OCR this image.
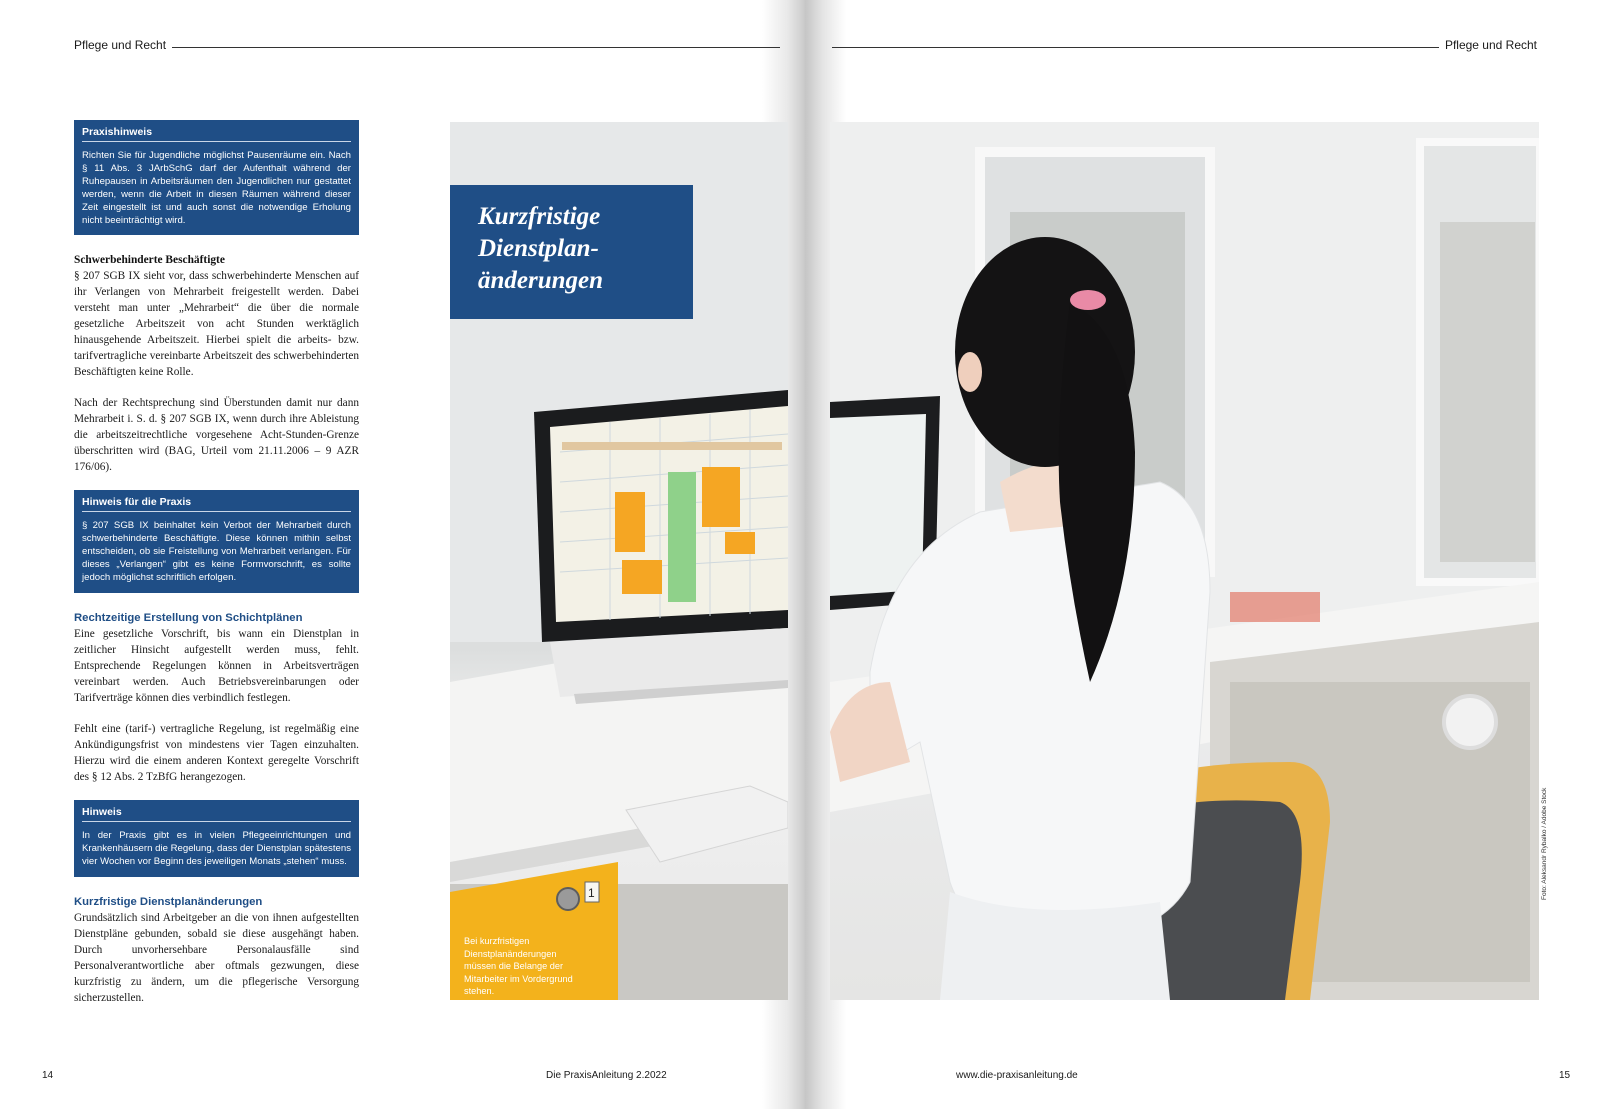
Pflege und Recht	Pflege und Recht
Praxishinweis
Richten Sie für Jugendliche möglichst Pausenräume ein. Nach § 11 Abs. 3 JArbSchG darf der Aufenthalt während der Ruhepausen in Arbeitsräumen den Jugendlichen nur gestattet werden, wenn die Arbeit in diesen Räumen während dieser Zeit eingestellt ist und auch sonst die notwendige Erholung nicht beeinträchtigt wird.
Schwerbehinderte Beschäftigte

§ 207 SGB IX sieht vor, dass schwerbehinderte Menschen auf ihr Verlangen von Mehrarbeit freigestellt werden. Dabei versteht man unter „Mehrarbeit“ die über die normale gesetzliche Arbeitszeit von acht Stunden werktäglich hinausgehende Arbeitszeit. Hierbei spielt die arbeits- bzw. tarifvertragliche vereinbarte Arbeitszeit des schwerbehinderten Beschäftigten keine Rolle.

Nach der Rechtsprechung sind Überstunden damit nur dann Mehrarbeit i. S. d. § 207 SGB IX, wenn durch ihre Ableistung die arbeitszeitrechtliche vorgesehene Acht-Stunden-Grenze überschritten wird (BAG, Urteil vom 21.11.2006 – 9 AZR 176/06).

Hinweis für die Praxis
§ 207 SGB IX beinhaltet kein Verbot der Mehrarbeit durch schwerbehinderte Beschäftigte. Diese können mithin selbst entscheiden, ob sie Freistellung von Mehrarbeit verlangen. Für dieses „Verlangen“ gibt es keine Formvorschrift, es sollte jedoch möglichst schriftlich erfolgen.
Rechtzeitige Erstellung von Schichtplänen

Eine gesetzliche Vorschrift, bis wann ein Dienstplan in zeitlicher Hinsicht aufgestellt werden muss, fehlt. Entsprechende Regelungen können in Arbeitsverträgen vereinbart werden. Auch Betriebsvereinbarungen oder Tarifverträge können dies verbindlich festlegen.

Fehlt eine (tarif-) vertragliche Regelung, ist regelmäßig eine Ankündigungsfrist von mindestens vier Tagen einzuhalten. Hierzu wird die einem anderen Kontext geregelte Vorschrift des § 12 Abs. 2 TzBfG herangezogen.

Hinweis
In der Praxis gibt es in vielen Pflegeeinrichtungen und Krankenhäusern die Regelung, dass der Dienstplan spätestens vier Wochen vor Beginn des jeweiligen Monats „stehen“ muss.
Kurzfristige Dienstplanänderungen

Grundsätzlich sind Arbeitgeber an die von ihnen aufgestellten Dienstpläne gebunden, sobald sie diese ausgehängt haben. Durch unvorhersehbare Personalausfälle sind Personalverantwortliche aber oftmals gezwungen, diese kurzfristig zu ändern, um die pflegerische Versorgung sicherzustellen.

1
Kurzfristige
Dienstplan-
änderungen
Bei kurzfristigen Dienstplanänderungen müssen die Belange der Mitarbeiter im Vordergrund stehen.
Foto: Aleksandr Rybalko / Adobe Stock
14	Die PraxisAnleitung 2.2022	www.die-praxisanleitung.de	15
